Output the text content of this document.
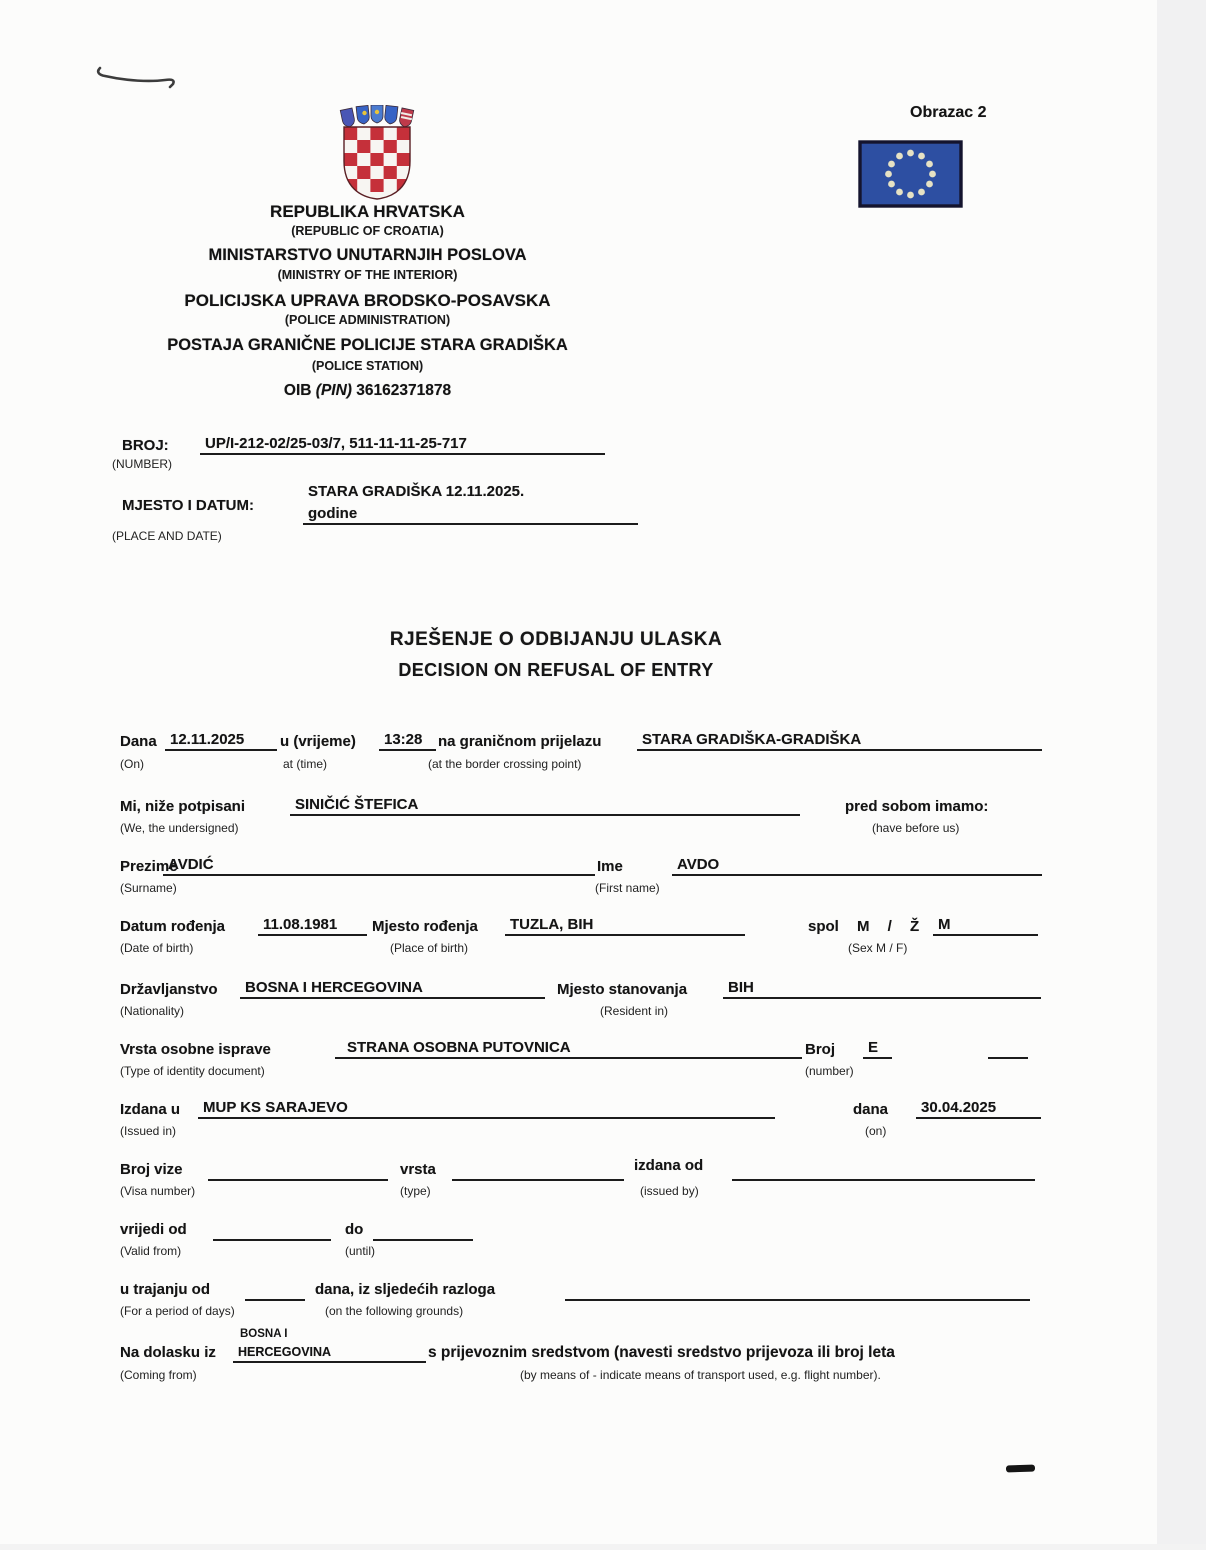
Obrazac 2
REPUBLIKA HRVATSKA
(REPUBLIC OF CROATIA)
MINISTARSTVO UNUTARNJIH POSLOVA
(MINISTRY OF THE INTERIOR)
POLICIJSKA UPRAVA BRODSKO-POSAVSKA
(POLICE ADMINISTRATION)
POSTAJA GRANIČNE POLICIJE STARA GRADIŠKA
(POLICE STATION)
OIB (PIN) 36162371878
BROJ:	UP/I-212-02/25-03/7, 511-11-11-25-717
(NUMBER)
MJESTO I DATUM:
STARA GRADIŠKA 12.11.2025.
godine
(PLACE AND DATE)
RJEŠENJE O ODBIJANJU ULASKA
DECISION ON REFUSAL OF ENTRY
Dana 12.11.2025	u (vrijeme)	13:28	na graničnom prijelazu	STARA GRADIŠKA-GRADIŠKA
(On)	at (time)	(at the border crossing point)
Mi, niže potpisani	SINIČIĆ ŠTEFICA	pred sobom imamo:
(We, the undersigned)	(have before us)
Prezime
AVDIĆ	Ime	AVDO
(Surname)	(First name)
Datum rođenja	11.08.1981	Mjesto rođenja	TUZLA, BIH	spol M / Ž	M
(Date of birth)	(Place of birth)	(Sex M / F)
Državljanstvo	BOSNA I HERCEGOVINA	Mjesto stanovanja	BIH
(Nationality)	(Resident in)
Vrsta osobne isprave	STRANA OSOBNA PUTOVNICA	Broj	E
(Type of identity document)	(number)
Izdana u	MUP KS SARAJEVO	dana	30.04.2025
(Issued in)	(on)
Broj vize	vrsta	izdana od
(Visa number)	(type)	(issued by)
vrijedi od	do
(Valid from)	(until)
u trajanju od	dana, iz sljedećih razloga
(For a period of days)	(on the following grounds)
BOSNA I
Na dolasku iz	HERCEGOVINA	s prijevoznim sredstvom (navesti sredstvo prijevoza ili broj leta
(Coming from)	(by means of - indicate means of transport used, e.g. flight number).
